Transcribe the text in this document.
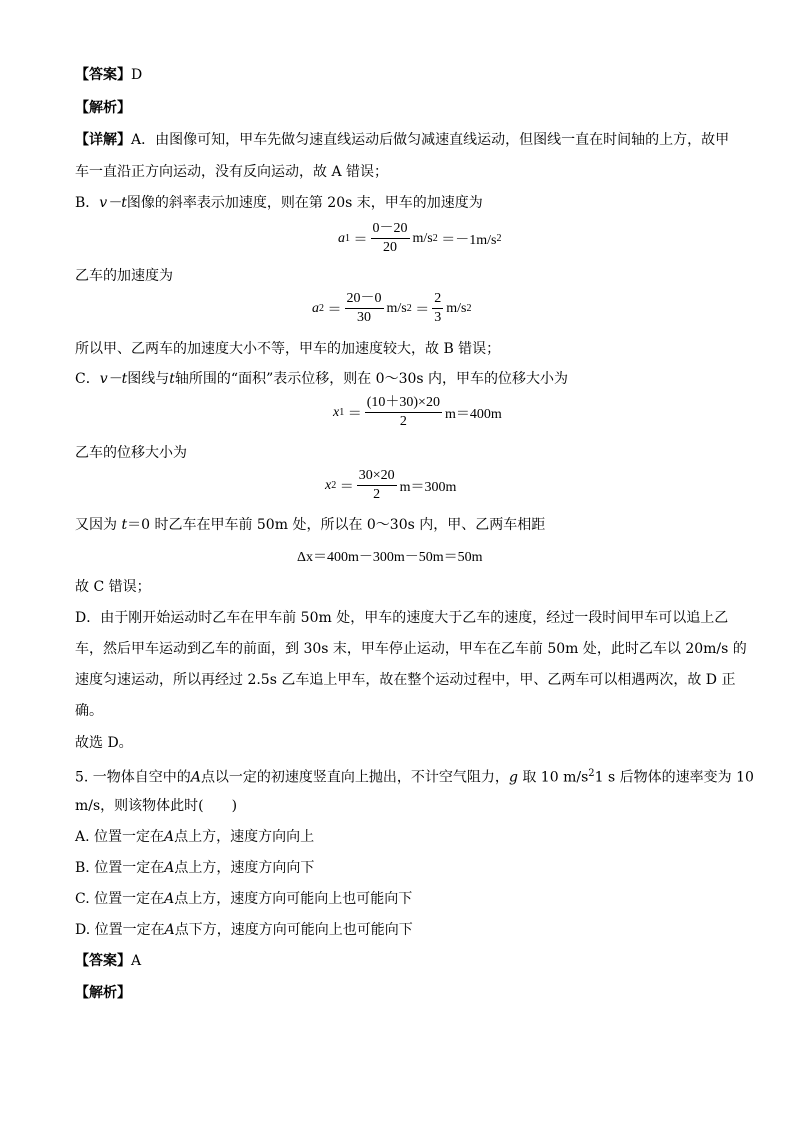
【答案】D
【解析】
【详解】A．由图像可知，甲车先做匀速直线运动后做匀减速直线运动，但图线一直在时间轴的上方，故甲
车一直沿正方向运动，没有反向运动，故 A 错误；
B．v－t图像的斜率表示加速度，则在第 20s 末，甲车的加速度为
a $1 = \frac{0-20}{20} m/s$ 2
＝－1m/s 2
乙车的加速度为
a $2 = \frac{20-0}{30} m/s$ $2 = \frac{2}{3} m/s$ 2
所以甲、乙两车的加速度大小不等，甲车的加速度较大，故 B 错误；
C．v－t图线与t轴所围的“面积”表示位移，则在 0～30s 内，甲车的位移大小为
x $1 = \frac{(10+30)\times 20}{2} m=400m$
乙车的位移大小为
x $2 = \frac{30\times 20}{2} m=300m$
又因为 t＝0 时乙车在甲车前 50m 处，所以在 0～30s 内，甲、乙两车相距
Δx＝400m－300m－50m＝50m
故 C 错误；
D．由于刚开始运动时乙车在甲车前 50m 处，甲车的速度大于乙车的速度，经过一段时间甲车可以追上乙
车，然后甲车运动到乙车的前面，到 30s 末，甲车停止运动，甲车在乙车前 50m 处，此时乙车以 20m/s 的
速度匀速运动，所以再经过 2.5s 乙车追上甲车，故在整个运动过程中，甲、乙两车可以相遇两次，故 D 正
确。
故选 D。
5. 一物体自空中的A点以一定的初速度竖直向上抛出，不计空气阻力，g 取 10 $m/s^21$ s 后物体的速率变为 10
m/s，则该物体此时(　　)
A. 位置一定在A点上方，速度方向向上
B. 位置一定在A点上方，速度方向向下
C. 位置一定在A点上方，速度方向可能向上也可能向下
D. 位置一定在A点下方，速度方向可能向上也可能向下
【答案】A
【解析】
